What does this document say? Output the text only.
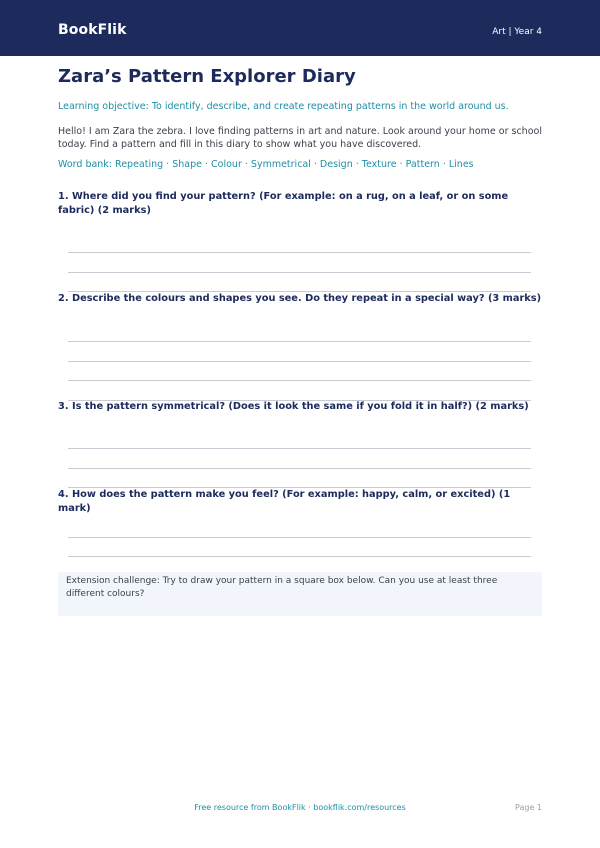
BookFlik	Art | Year 4
Zara’s Pattern Explorer Diary
Learning objective: To identify, describe, and create repeating patterns in the world around us.
Hello! I am Zara the zebra. I love finding patterns in art and nature. Look around your home or school today. Find a pattern and fill in this diary to show what you have discovered.
Word bank: Repeating · Shape · Colour · Symmetrical · Design · Texture · Pattern · Lines
1. Where did you find your pattern? (For example: on a rug, on a leaf, or on some fabric) (2 marks)
2. Describe the colours and shapes you see. Do they repeat in a special way? (3 marks)
3. Is the pattern symmetrical? (Does it look the same if you fold it in half?) (2 marks)
4. How does the pattern make you feel? (For example: happy, calm, or excited) (1 mark)
Extension challenge: Try to draw your pattern in a square box below. Can you use at least three different colours?
Free resource from BookFlik · bookflik.com/resources	Page 1
